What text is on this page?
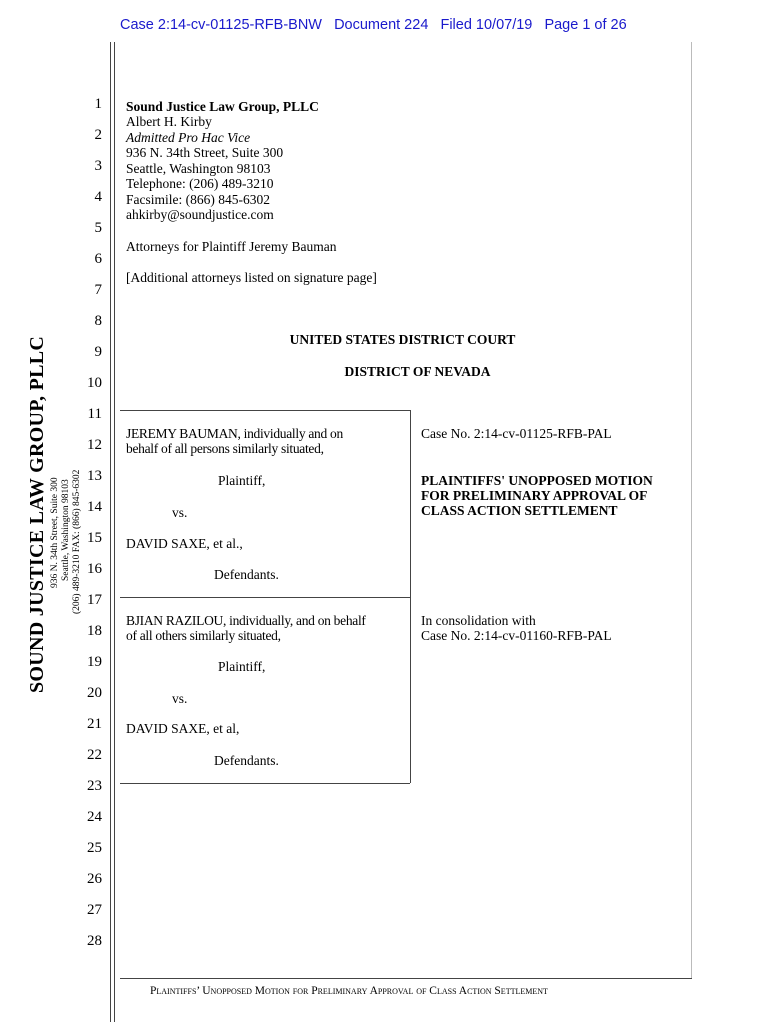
Case 2:14-cv-01125-RFB-BNW   Document 224   Filed 10/07/19   Page 1 of 26
SOUND JUSTICE LAW GROUP, PLLC 936 N. 34th Street, Suite 300 Seattle, Washington 98103 (206) 489-3210 FAX: (866) 845-6302
1
2
3
4
5
6
7
8
9
10
11
12
13
14
15
16
17
18
19
20
21
22
23
24
25
26
27
28
Sound Justice Law Group, PLLC
Albert H. Kirby
Admitted Pro Hac Vice
936 N. 34th Street, Suite 300
Seattle, Washington 98103
Telephone: (206) 489-3210
Facsimile: (866) 845-6302
ahkirby@soundjustice.com
Attorneys for Plaintiff Jeremy Bauman
[Additional attorneys listed on signature page]
UNITED STATES DISTRICT COURT
DISTRICT OF NEVADA
JEREMY BAUMAN, individually and on
behalf of all persons similarly situated,
Plaintiff,
vs.
DAVID SAXE, et al.,
Defendants.
Case No. 2:14-cv-01125-RFB-PAL
PLAINTIFFS' UNOPPOSED MOTION
FOR PRELIMINARY APPROVAL OF
CLASS ACTION SETTLEMENT
BJIAN RAZILOU, individually, and on behalf
of all others similarly situated,
Plaintiff,
vs.
DAVID SAXE, et al,
Defendants.
In consolidation with
Case No. 2:14-cv-01160-RFB-PAL
Plaintiffs’ Unopposed Motion for Preliminary Approval of Class Action Settlement
